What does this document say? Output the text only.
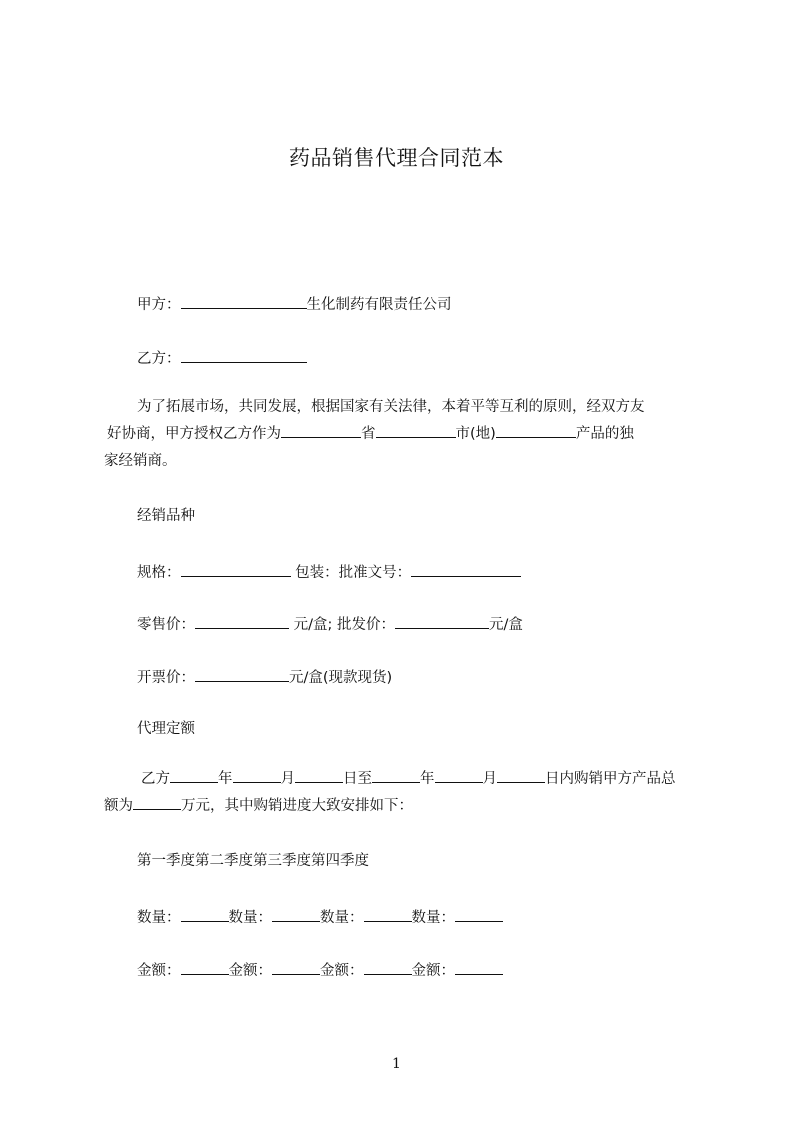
药品销售代理合同范本
甲方：	生化制药有限责任公司
乙方：
为了拓展市场，共同发展，根据国家有关法律，本着平等互利的原则，经双方友
好协商，甲方授权乙方作为	省	市(地)	产品的独
家经销商。
经销品种
规格：	包装：批准文号：
零售价：	元/盒; 批发价：	元/盒
开票价：	元/盒(现款现货)
代理定额
乙方	年	月	日至	年	月	日内购销甲方产品总
额为	万元，其中购销进度大致安排如下：
第一季度第二季度第三季度第四季度
数量：	数量：	数量：	数量：
金额：	金额：	金额：	金额：
1
